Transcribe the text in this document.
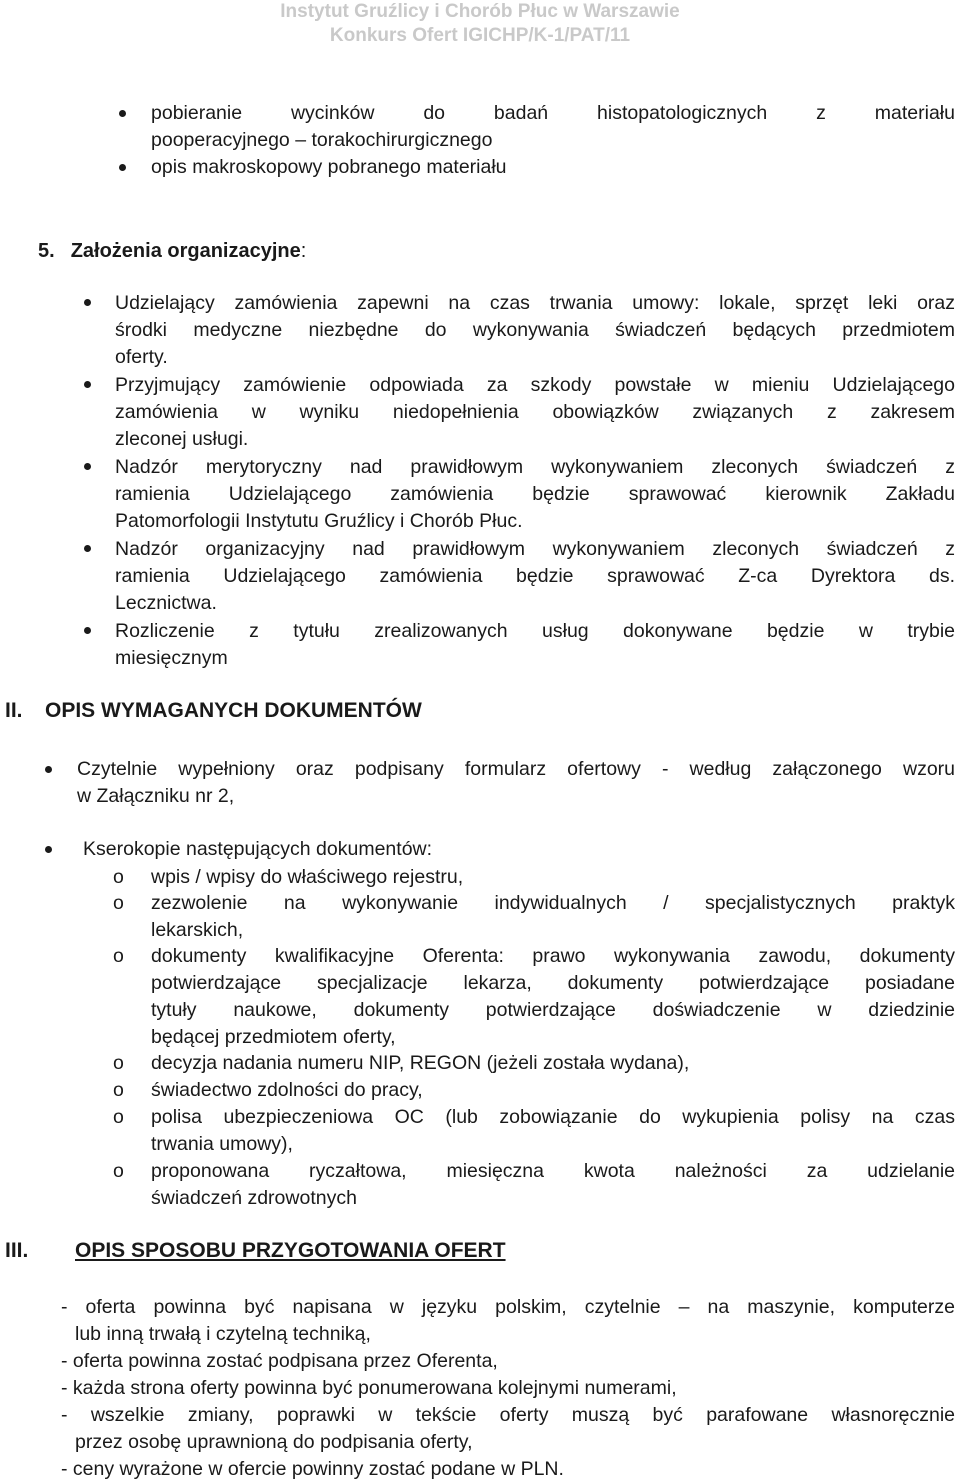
Instytut Gruźlicy i Chorób Płuc w Warszawie
Konkurs Ofert IGICHP/K-1/PAT/11
pobieranie wycinków do badań histopatologicznych z materiału
pooperacyjnego – torakochirurgicznego
opis makroskopowy pobranego materiału
5. Założenia organizacyjne:
Udzielający zamówienia zapewni na czas trwania umowy: lokale, sprzęt leki oraz
środki medyczne niezbędne do wykonywania świadczeń będących przedmiotem
oferty.
Przyjmujący zamówienie odpowiada za szkody powstałe w mieniu Udzielającego
zamówienia w wyniku niedopełnienia obowiązków związanych z zakresem
zleconej usługi.
Nadzór merytoryczny nad prawidłowym wykonywaniem zleconych świadczeń z
ramienia Udzielającego zamówienia będzie sprawować kierownik Zakładu
Patomorfologii Instytutu Gruźlicy i Chorób Płuc.
Nadzór organizacyjny nad prawidłowym wykonywaniem zleconych świadczeń z
ramienia Udzielającego zamówienia będzie sprawować Z-ca Dyrektora ds.
Lecznictwa.
Rozliczenie z tytułu zrealizowanych usług dokonywane będzie w trybie
miesięcznym
II. OPIS WYMAGANYCH DOKUMENTÓW
Czytelnie wypełniony oraz podpisany formularz ofertowy - według załączonego wzoru
w Załączniku nr 2,
Kserokopie następujących dokumentów:
o wpis / wpisy do właściwego rejestru,
o zezwolenie na wykonywanie indywidualnych / specjalistycznych praktyk
lekarskich,
o dokumenty kwalifikacyjne Oferenta: prawo wykonywania zawodu, dokumenty
potwierdzające specjalizacje lekarza, dokumenty potwierdzające posiadane
tytuły naukowe, dokumenty potwierdzające doświadczenie w dziedzinie
będącej przedmiotem oferty,
o decyzja nadania numeru NIP, REGON (jeżeli została wydana),
o świadectwo zdolności do pracy,
o polisa ubezpieczeniowa OC (lub zobowiązanie do wykupienia polisy na czas
trwania umowy),
o proponowana ryczałtowa, miesięczna kwota należności za udzielanie
świadczeń zdrowotnych
III. OPIS SPOSOBU PRZYGOTOWANIA OFERT
- oferta powinna być napisana w języku polskim, czytelnie – na maszynie, komputerze
lub inną trwałą i czytelną techniką,
- oferta powinna zostać podpisana przez Oferenta,
- każda strona oferty powinna być ponumerowana kolejnymi numerami,
- wszelkie zmiany, poprawki w tekście oferty muszą być parafowane własnoręcznie
przez osobę uprawnioną do podpisania oferty,
- ceny wyrażone w ofercie powinny zostać podane w PLN.
